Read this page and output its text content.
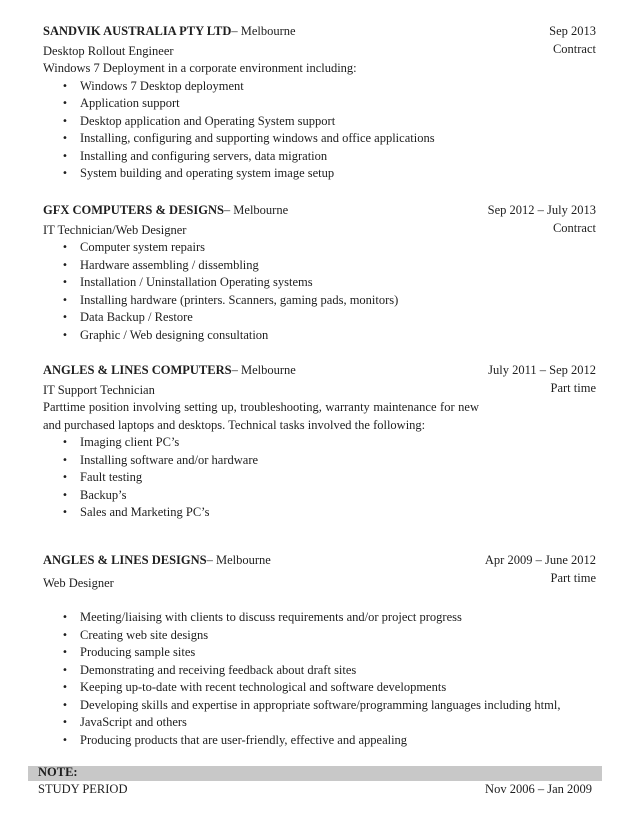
SANDVIK AUSTRALIA PTY LTD– Melbourne	Sep 2013
Contract
Desktop Rollout Engineer
Windows 7 Deployment in a corporate environment including:
• Windows 7 Desktop deployment
• Application support
• Desktop application and Operating System support
• Installing, configuring and supporting windows and office applications
• Installing and configuring servers, data migration
• System building and operating system image setup
GFX COMPUTERS & DESIGNS– Melbourne	Sep 2012 – July 2013
Contract
IT Technician/Web Designer
• Computer system repairs
• Hardware assembling / dissembling
• Installation / Uninstallation Operating systems
• Installing hardware (printers. Scanners, gaming pads, monitors)
• Data Backup / Restore
• Graphic / Web designing consultation
ANGLES & LINES COMPUTERS– Melbourne	July 2011 – Sep 2012
Part time
IT Support Technician

Parttime position involving setting up, troubleshooting, warranty maintenance for new and purchased laptops and desktops. Technical tasks involved the following:

• Imaging client PC’s
• Installing software and/or hardware
• Fault testing
• Backup’s
• Sales and Marketing PC’s
ANGLES & LINES DESIGNS– Melbourne	Apr 2009 – June 2012
Part time
Web Designer
• Meeting/liaising with clients to discuss requirements and/or project progress
• Creating web site designs
• Producing sample sites
• Demonstrating and receiving feedback about draft sites
• Keeping up-to-date with recent technological and software developments
• Developing skills and expertise in appropriate software/programming languages including html,
• JavaScript and others
• Producing products that are user-friendly, effective and appealing
NOTE:
STUDY PERIOD	Nov 2006 – Jan 2009
